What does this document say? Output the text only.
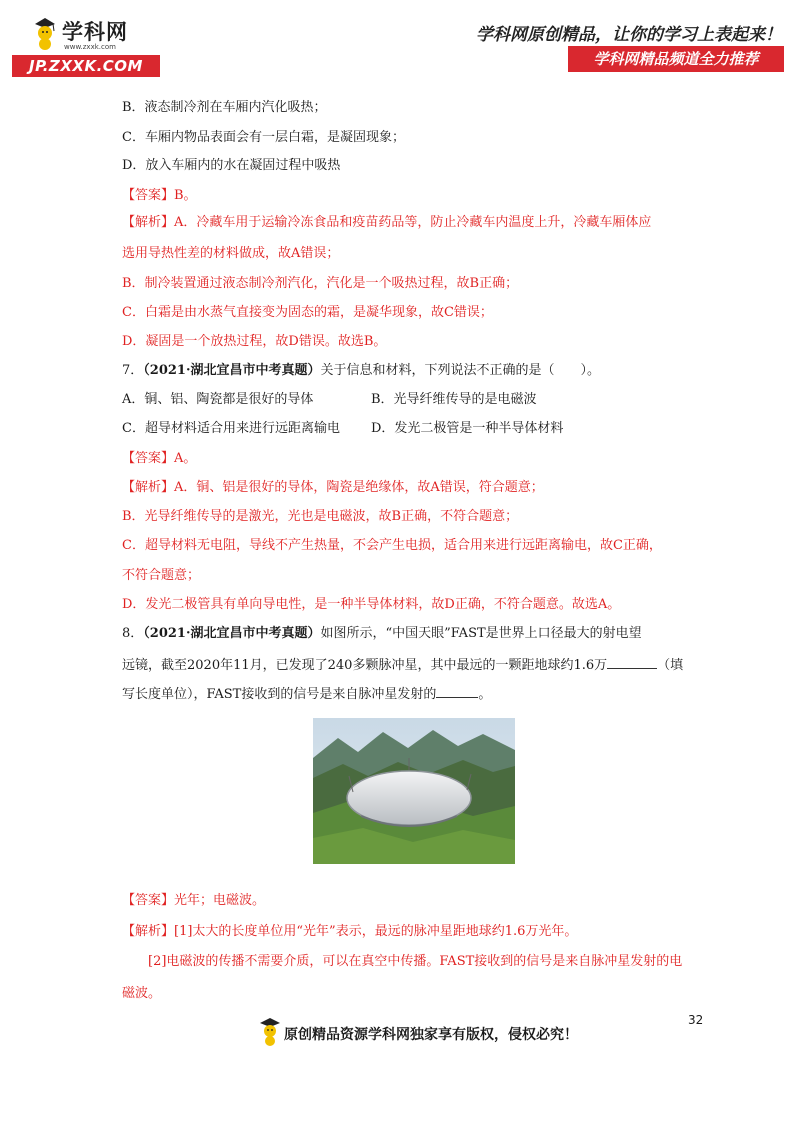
学科网
www.zxxk.com
JP.ZXXK.COM
学科网原创精品，让你的学习上表起来！
学科网精品频道全力推荐
B．液态制冷剂在车厢内汽化吸热；
C．车厢内物品表面会有一层白霜，是凝固现象；
D．放入车厢内的水在凝固过程中吸热
【答案】B。
【解析】A．冷藏车用于运输冷冻食品和疫苗药品等，防止冷藏车内温度上升，冷藏车厢体应
选用导热性差的材料做成，故A错误；
B．制冷装置通过液态制冷剂汽化，汽化是一个吸热过程，故B正确；
C．白霜是由水蒸气直接变为固态的霜，是凝华现象，故C错误；
D．凝固是一个放热过程，故D错误。故选B。
7．（2021·湖北宜昌市中考真题）关于信息和材料，下列说法不正确的是（　　）。
A．铜、铝、陶瓷都是很好的导体	B．光导纤维传导的是电磁波
C．超导材料适合用来进行远距离输电 D．发光二极管是一种半导体材料
【答案】A。
【解析】A．铜、铝是很好的导体，陶瓷是绝缘体，故A错误，符合题意；
B．光导纤维传导的是激光，光也是电磁波，故B正确，不符合题意；
C．超导材料无电阻，导线不产生热量，不会产生电损，适合用来进行远距离输电，故C正确，
不符合题意；
D．发光二极管具有单向导电性，是一种半导体材料，故D正确，不符合题意。故选A。
8．（2021·湖北宜昌市中考真题）如图所示，“中国天眼”FAST是世界上口径最大的射电望
远镜，截至2020年11月，已发现了240多颗脉冲星，其中最远的一颗距地球约1.6万	（填
写长度单位），FAST接收到的信号是来自脉冲星发射的	。
【答案】光年；电磁波。
【解析】[1]太大的长度单位用“光年”表示，最远的脉冲星距地球约1.6万光年。
[2]电磁波的传播不需要介质，可以在真空中传播。FAST接收到的信号是来自脉冲星发射的电
磁波。
32
原创精品资源学科网独家享有版权，侵权必究！
